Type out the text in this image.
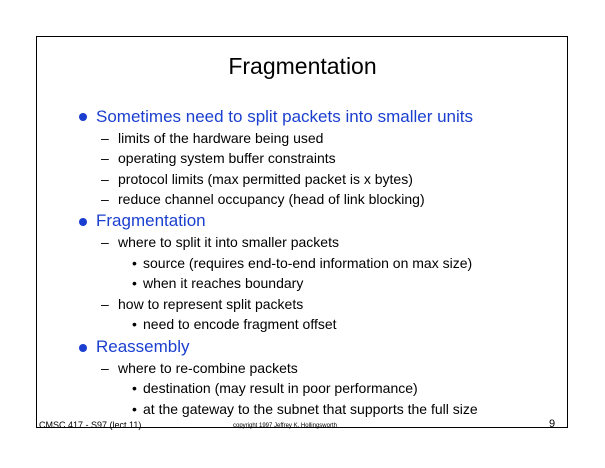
Fragmentation
Sometimes need to split packets into smaller units
– limits of the hardware being used
– operating system buffer constraints
– protocol limits (max permitted packet is x bytes)
– reduce channel occupancy (head of link blocking)
Fragmentation
– where to split it into smaller packets
• source (requires end-to-end information on max size)
• when it reaches boundary
– how to represent split packets
• need to encode fragment offset
Reassembly
– where to re-combine packets
• destination (may result in poor performance)
• at the gateway to the subnet that supports the full size
CMSC 417 - S97 (lect 11)	copyright 1997 Jeffrey K. Hollingsworth	9
